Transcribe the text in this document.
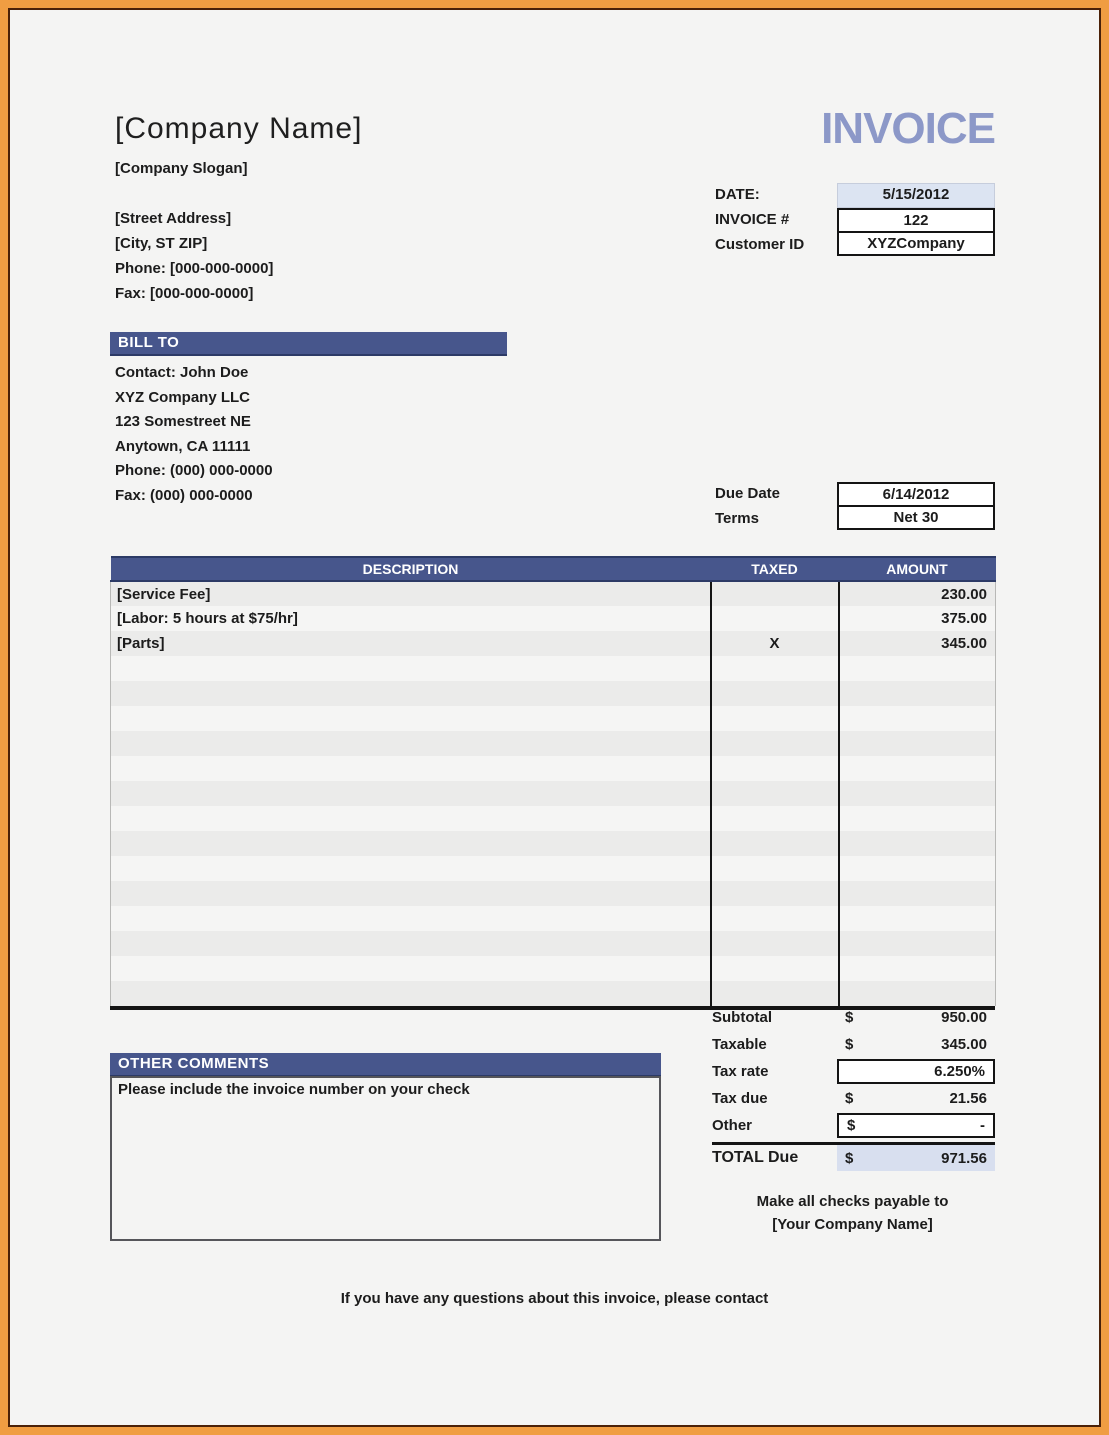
[Company Name]
[Company Slogan]
[Street Address]
[City, ST ZIP]
Phone: [000-000-0000]
Fax: [000-000-0000]
INVOICE
DATE:	5/15/2012
INVOICE #	122
Customer ID	XYZCompany
BILL TO
Contact: John Doe
XYZ Company LLC
123 Somestreet NE
Anytown, CA 11111
Phone: (000) 000-0000
Fax: (000) 000-0000	Due Date	6/14/2012
Terms	Net 30
DESCRIPTION	TAXED	AMOUNT
[Service Fee]		230.00
[Labor: 5 hours at $75/hr]		375.00
[Parts]	X	345.00

Subtotal	$	950.00
Taxable	$	345.00
Tax rate	6.250%
Tax due	$	21.56
Other	$	-
TOTAL Due	$	971.56
OTHER COMMENTS
Please include the invoice number on your check
Make all checks payable to
[Your Company Name]
If you have any questions about this invoice, please contact
